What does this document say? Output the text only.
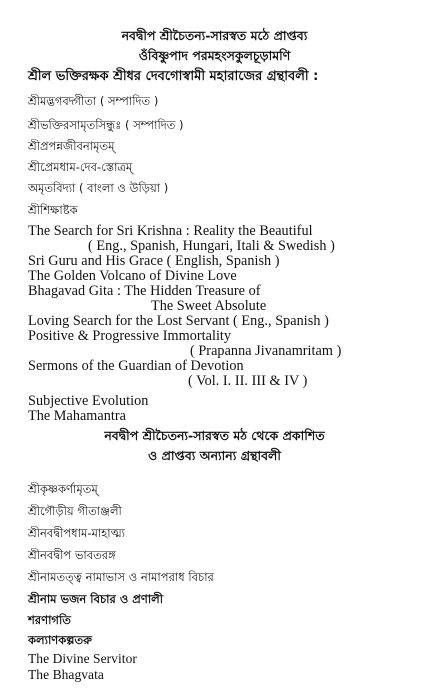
নবদ্বীপ শ্রীচৈতন্য-সারস্বত মঠে প্রাপ্তব্য
ওঁবিষ্ণুপাদ পরমহংসকুলচূড়ামণি
শ্রীল ভক্তিরক্ষক শ্রীধর দেবগোস্বামী মহারাজের গ্রন্থাবলী :
শ্রীমদ্ভগবদ্গীতা ( সম্পাদিত )
শ্রীভক্তিরসামৃতসিন্ধুঃ ( সম্পাদিত )
শ্রীপ্রপন্নজীবনামৃতম্
শ্রীপ্রেমধাম-দেব-স্তোত্রম্
অমৃতবিদ্যা ( বাংলা ও উড়িয়া )
শ্রীশিক্ষাষ্টক
The Search for Sri Krishna : Reality the Beautiful
( Eng., Spanish, Hungari, Itali & Swedish )
Sri Guru and His Grace ( English, Spanish )
The Golden Volcano of Divine Love
Bhagavad Gita : The Hidden Treasure of
The Sweet Absolute
Loving Search for the Lost Servant ( Eng., Spanish )
Positive & Progressive Immortality
( Prapanna Jivanamritam )
Sermons of the Guardian of Devotion
( Vol. I. II. III & IV )
Subjective Evolution
The Mahamantra
নবদ্বীপ শ্রীচৈতন্য-সারস্বত মঠ থেকে প্রকাশিত
ও প্রাপ্তব্য অন্যান্য গ্রন্থাবলী
শ্রীকৃষ্ণকর্ণামৃতম্
শ্রীগৌড়ীয় গীতাঞ্জলী
শ্রীনবদ্বীপধাম-মাহাত্ম্য
শ্রীনবদ্বীপ ভাবতরঙ্গ
শ্রীনামতত্ত্ব নামাভাস ও নামাপরাধ বিচার
শ্রীনাম ভজন বিচার ও প্রণালী
শরণাগতি
কল্যাণকল্পতরু
The Divine Servitor
The Bhagvata
